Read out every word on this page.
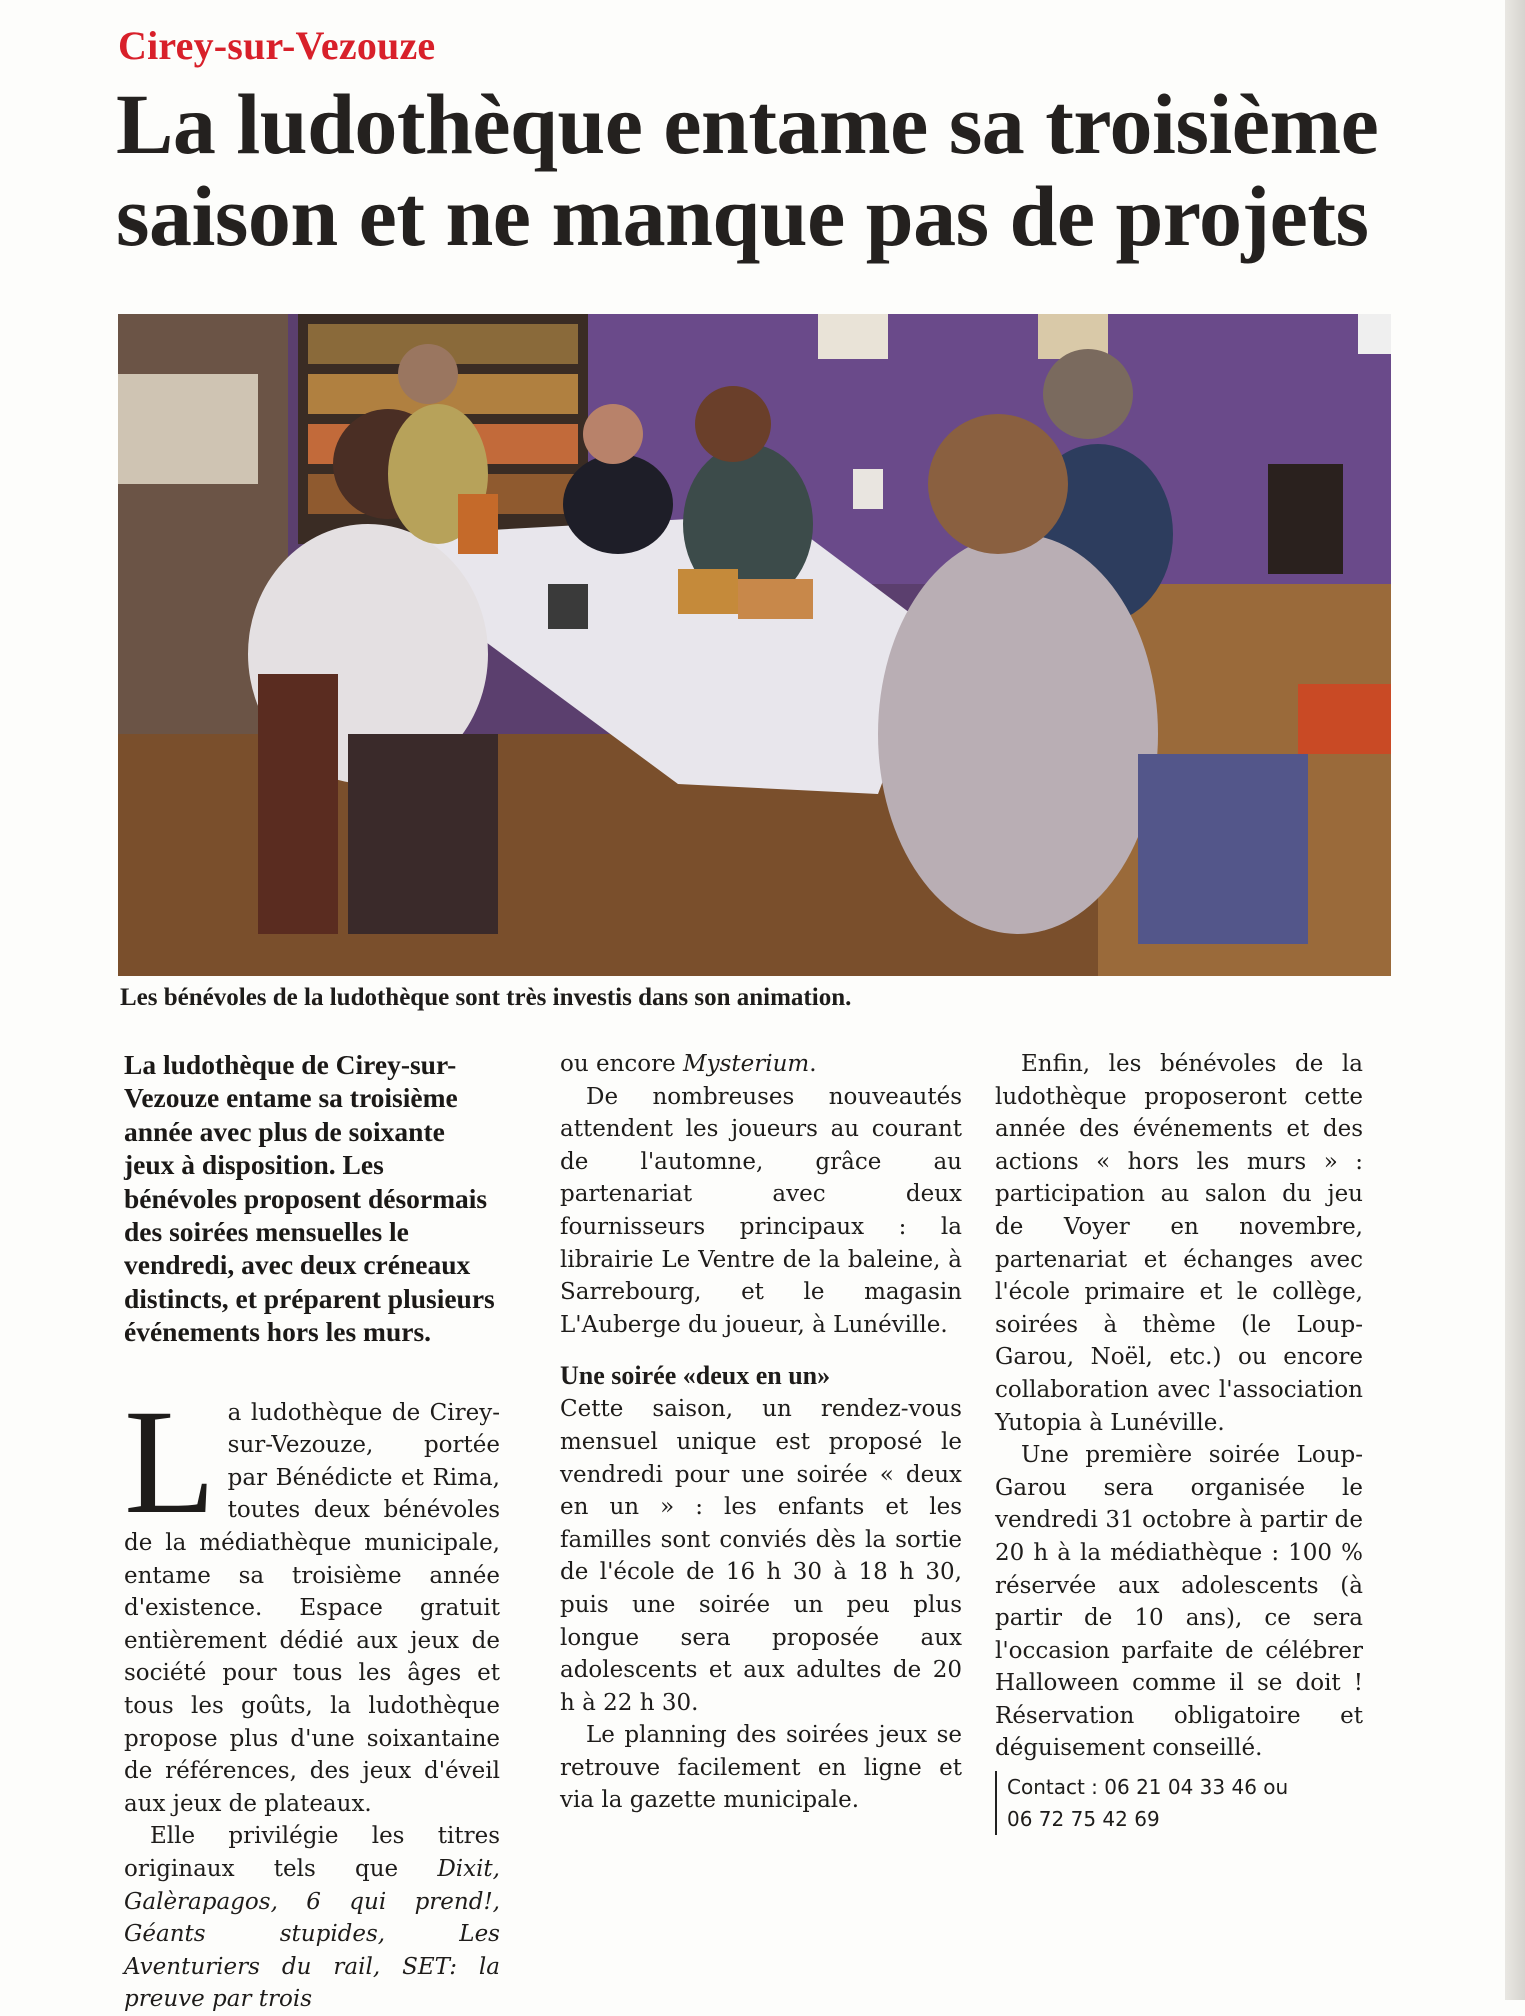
Cirey-sur-Vezouze
La ludothèque entame sa troisième saison et ne manque pas de projets
Les bénévoles de la ludothèque sont très investis dans son animation.

La ludothèque de Cirey-sur-Vezouze entame sa troisième année avec plus de soixante jeux à disposition. Les bénévoles proposent désormais des soirées mensuelles le vendredi, avec deux créneaux distincts, et préparent plusieurs événements hors les murs.

La ludothèque de Cirey-sur-Vezouze, portée par Bénédicte et Rima, toutes deux bénévoles de la médiathèque municipale, entame sa troisième année d'existence. Espace gratuit entièrement dédié aux jeux de société pour tous les âges et tous les goûts, la ludothèque propose plus d'une soixantaine de références, des jeux d'éveil aux jeux de plateaux.

Elle privilégie les titres originaux tels que Dixit, Galèrapagos, 6 qui prend!, Géants stupides, Les Aventuriers du rail, SET: la preuve par trois

ou encore Mysterium.

De nombreuses nouveautés attendent les joueurs au courant de l'automne, grâce au partenariat avec deux fournisseurs principaux : la librairie Le Ventre de la baleine, à Sarrebourg, et le magasin L'Auberge du joueur, à Lunéville.

Une soirée «deux en un»

Cette saison, un rendez-vous mensuel unique est proposé le vendredi pour une soirée « deux en un » : les enfants et les familles sont conviés dès la sortie de l'école de 16 h 30 à 18 h 30, puis une soirée un peu plus longue sera proposée aux adolescents et aux adultes de 20 h à 22 h 30.

Le planning des soirées jeux se retrouve facilement en ligne et via la gazette municipale.

Enfin, les bénévoles de la ludothèque proposeront cette année des événements et des actions « hors les murs » : participation au salon du jeu de Voyer en novembre, partenariat et échanges avec l'école primaire et le collège, soirées à thème (le Loup-Garou, Noël, etc.) ou encore collaboration avec l'association Yutopia à Lunéville.

Une première soirée Loup-Garou sera organisée le vendredi 31 octobre à partir de 20 h à la médiathèque : 100 % réservée aux adolescents (à partir de 10 ans), ce sera l'occasion parfaite de célébrer Halloween comme il se doit ! Réservation obligatoire et déguisement conseillé.

Contact : 06 21 04 33 46 ou
06 72 75 42 69
